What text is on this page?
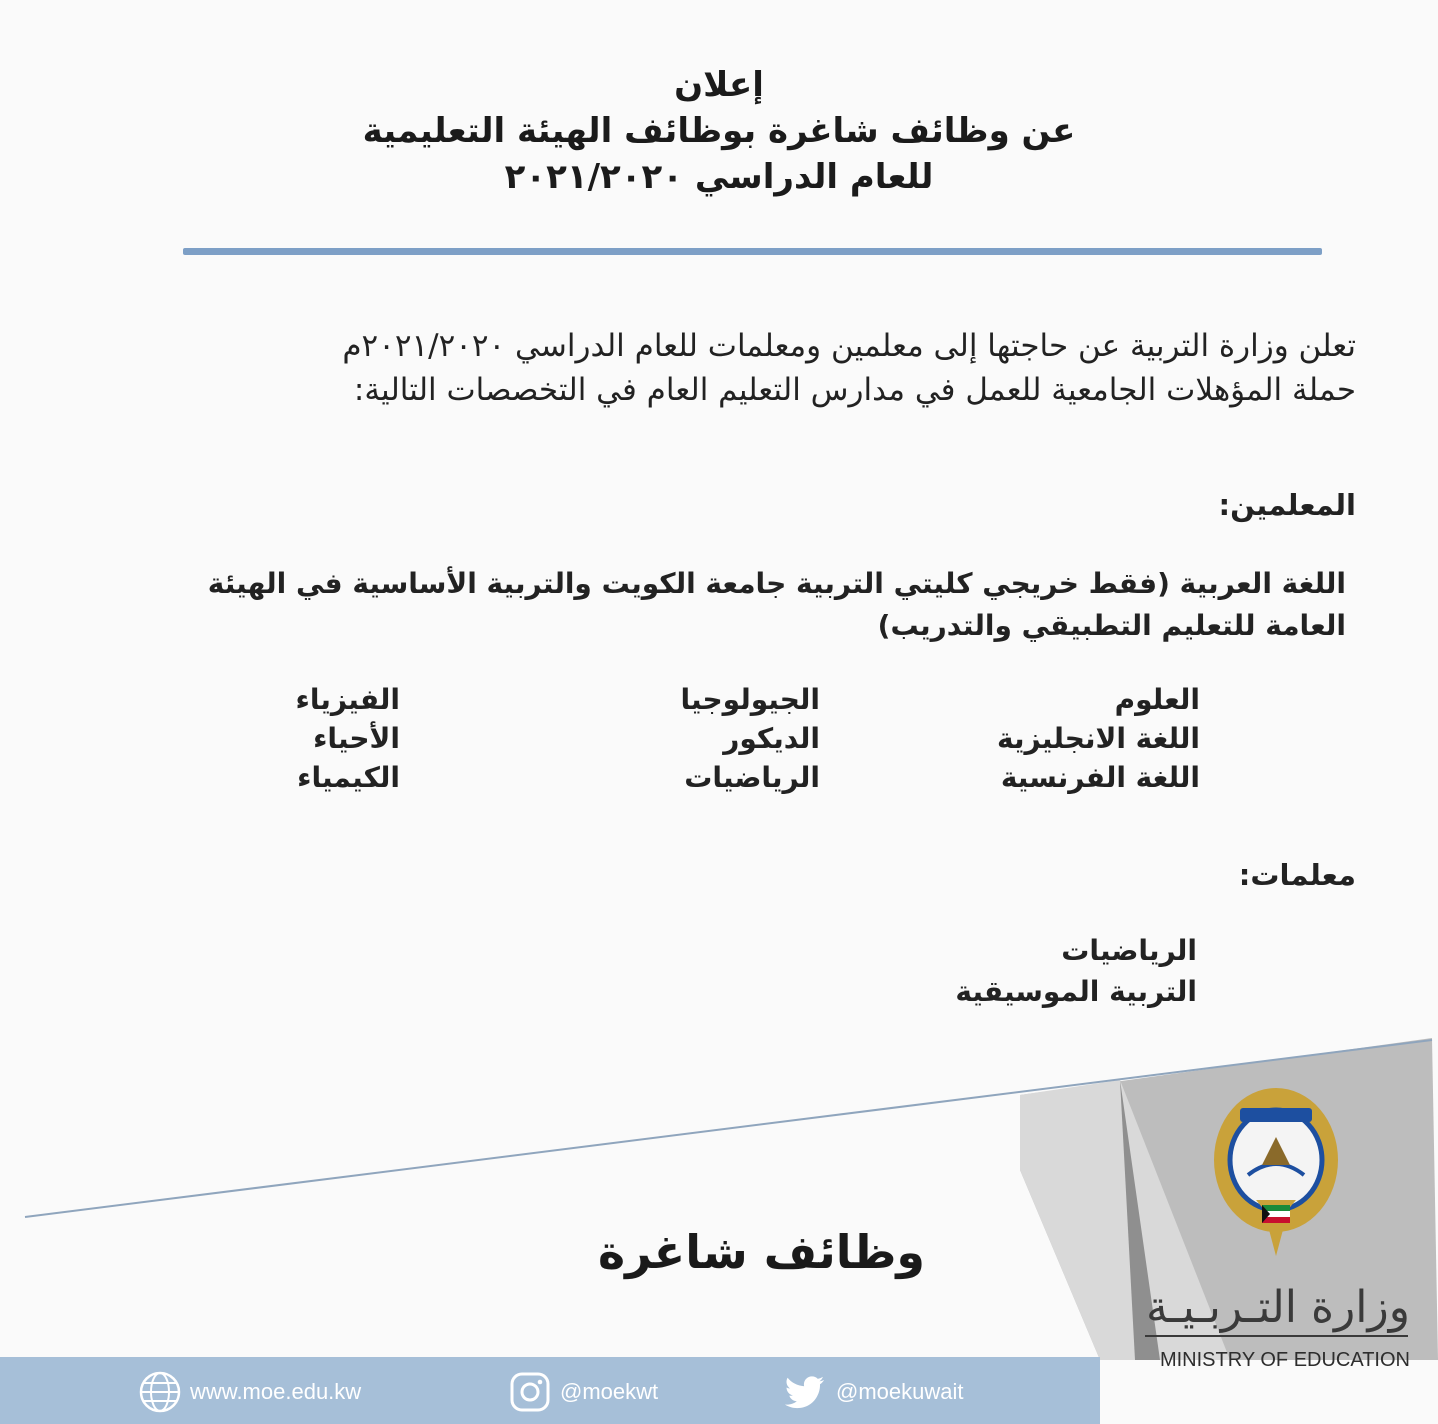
إعلان
عن وظائف شاغرة بوظائف الهيئة التعليمية
للعام الدراسي ٢٠٢١/٢٠٢٠
تعلن وزارة التربية عن حاجتها إلى معلمين ومعلمات للعام الدراسي ٢٠٢١/٢٠٢٠م
حملة المؤهلات الجامعية للعمل في مدارس التعليم العام في التخصصات التالية:
المعلمين:
اللغة العربية (فقط خريجي كليتي التربية جامعة الكويت والتربية الأساسية في الهيئة
العامة للتعليم التطبيقي والتدريب)
العلوم
اللغة الانجليزية
اللغة الفرنسية
الجيولوجيا
الديكور
الرياضيات
الفيزياء
الأحياء
الكيمياء
معلمات:
الرياضيات
التربية الموسيقية
وظائف شاغرة
وزارة التـربـيـة
MINISTRY OF EDUCATION
www.moe.edu.kw	@moekwt	@moekuwait
